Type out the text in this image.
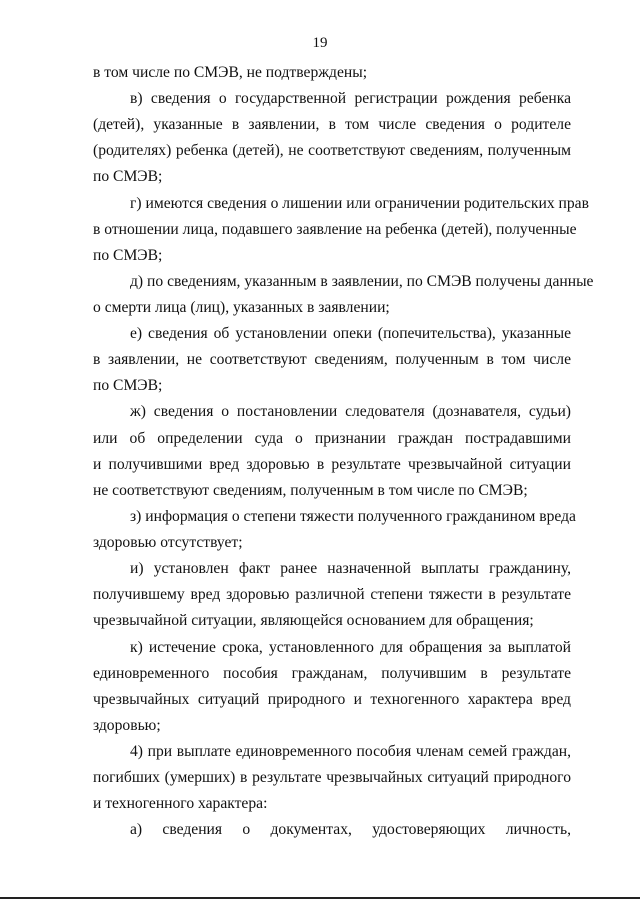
19
в том числе по СМЭВ, не подтверждены;
в) сведения о государственной регистрации рождения ребенка
(детей), указанные в заявлении, в том числе сведения о родителе
(родителях) ребенка (детей), не соответствуют сведениям, полученным
по СМЭВ;
г) имеются сведения о лишении или ограничении родительских прав
в отношении лица, подавшего заявление на ребенка (детей), полученные
по СМЭВ;
д) по сведениям, указанным в заявлении, по СМЭВ получены данные
о смерти лица (лиц), указанных в заявлении;
е) сведения об установлении опеки (попечительства), указанные
в заявлении, не соответствуют сведениям, полученным в том числе
по СМЭВ;
ж) сведения о постановлении следователя (дознавателя, судьи)
или об определении суда о признании граждан пострадавшими
и получившими вред здоровью в результате чрезвычайной ситуации
не соответствуют сведениям, полученным в том числе по СМЭВ;
з) информация о степени тяжести полученного гражданином вреда
здоровью отсутствует;
и) установлен факт ранее назначенной выплаты гражданину,
получившему вред здоровью различной степени тяжести в результате
чрезвычайной ситуации, являющейся основанием для обращения;
к) истечение срока, установленного для обращения за выплатой
единовременного пособия гражданам, получившим в результате
чрезвычайных ситуаций природного и техногенного характера вред
здоровью;
4) при выплате единовременного пособия членам семей граждан,
погибших (умерших) в результате чрезвычайных ситуаций природного
и техногенного характера:
а) сведения о документах, удостоверяющих личность,
